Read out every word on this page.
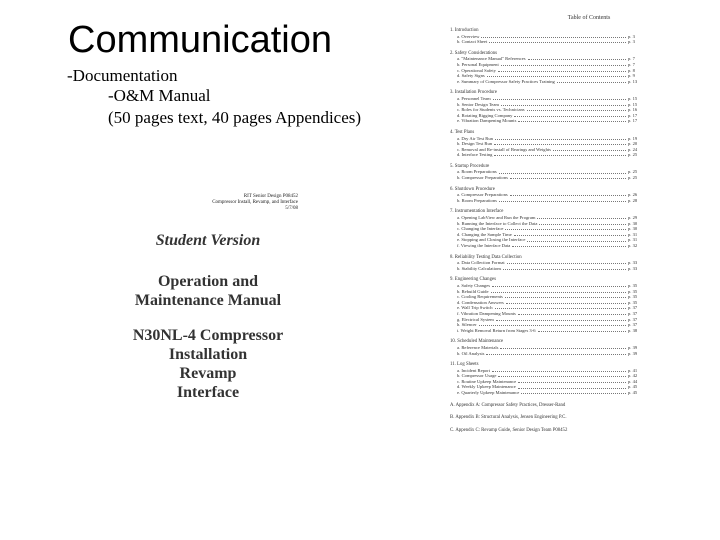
Communication
-Documentation
-O&M Manual
(50 pages text, 40 pages Appendices)
RIT Senior Design P08452
Compressor Install, Revamp, and Interface
5/7/08
Student Version
Operation and
Maintenance Manual
N30NL-4 Compressor
Installation
Revamp
Interface
Table of Contents
1. Introduction
a. Overview	p. 3
b. Contact Sheet	p. 3
2. Safety Considerations
a. "Maintenance Manual" References	p. 7
b. Personal Equipment	p. 7
c. Operational Safety	p. 8
d. Safety Signs	p. 9
e. Summary of Compressor Safety Practices Training	p. 13
3. Installation Procedure
a. Personnel Team	p. 15
b. Senior Design Team	p. 15
c. Roles for Students vs. Technicians	p. 16
d. Rotating Rigging Company	p. 17
e. Vibration Dampening Mounts	p. 17
4. Test Plans
a. Dry Air Test Run	p. 19
b. Design Test Run	p. 20
c. Removal and Re-install of Bearings and Weights	p. 24
d. Interface Testing	p. 25
5. Startup Procedure
a. Room Preparations	p. 25
b. Compressor Preparations	p. 25
6. Shutdown Procedure
a. Compressor Preparations	p. 26
b. Room Preparations	p. 28
7. Instrumentation Interface
a. Opening LabView and Run the Program	p. 29
b. Running the Interface to Collect the Data	p. 30
c. Changing the Interface	p. 30
d. Changing the Sample Time	p. 31
e. Stopping and Closing the Interface	p. 31
f. Viewing the Interface Data	p. 32
8. Reliability Testing Data Collection
a. Data Collection Format	p. 33
b. Stability Calculations	p. 33
9. Engineering Changes
a. Safety Changes	p. 35
b. Rebuild Guide	p. 35
c. Cooling Requirements	p. 35
d. Condensation Answers	p. 35
e. Wall Trip Switch	p. 37
f. Vibration Dampening Mounts	p. 37
g. Electrical System	p. 37
h. Silencer	p. 37
i. Weight Removal Return from Stages 3-6	p. 38
10. Scheduled Maintenance
a. Reference Materials	p. 39
b. Oil Analysis	p. 39
11. Log Sheets
a. Incident Report	p. 41
b. Compressor Usage	p. 42
c. Routine Upkeep Maintenance	p. 44
d. Weekly Upkeep Maintenance	p. 45
e. Quarterly Upkeep Maintenance	p. 45
A. Appendix A: Compressor Safety Practices, Dresser-Rand
B. Appendix B: Structural Analysis, Jensen Engineering P.C.
C. Appendix C: Revamp Guide, Senior Design Team P08452
